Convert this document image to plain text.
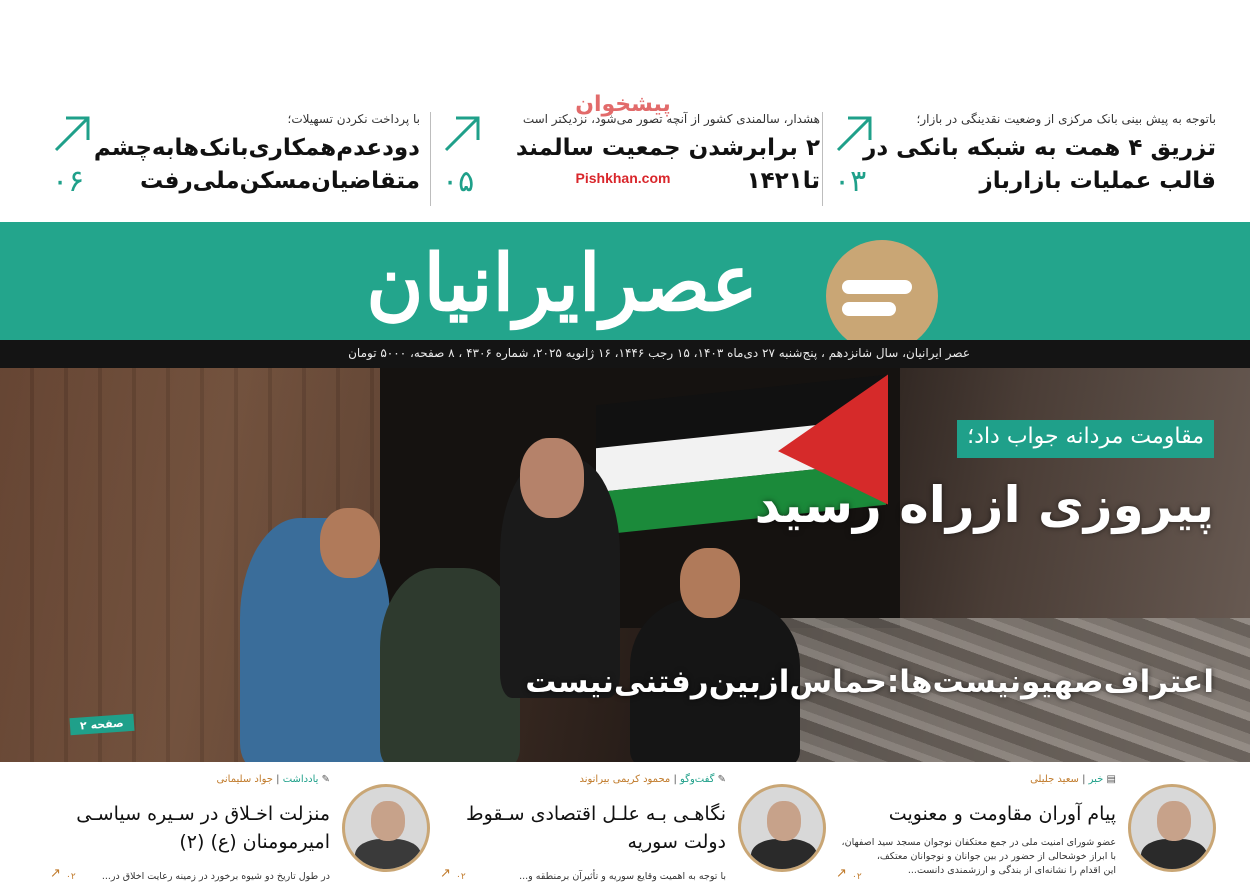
باتوجه به پیش بینی بانک مرکزی از وضعیت نقدینگی در بازار؛
تزریق ۴ همت به شبکه بانکی در
قالب عملیات بازارباز
۰۳
هشدار، سالمندی کشور از آنچه تصور می‌شود، نزدیکتر است
۲ برابرشدن جمعیت سالمند
تا۱۴۲۱
۰۵
با پرداخت نکردن تسهیلات؛
دودعدم‌همکاری‌بانک‌هابه‌چشم
متقاضیان‌مسکن‌ملی‌رفت
۰۶
پیشخوان
Pishkhan.com
عصرایرانیان
عصر ایرانیان، سال شانزدهم ، پنج‌شنبه ۲۷ دی‌ماه ۱۴۰۳، ۱۵ رجب ۱۴۴۶، ۱۶ ژانویه ۲۰۲۵، شماره ۴۳۰۶ ، ۸ صفحه، ۵۰۰۰ تومان
مقاومت مردانه جواب داد؛
پیروزی ازراه رسید
اعتراف‌صهیونیست‌ها:حماس‌ازبین‌رفتنی‌نیست
صفحه ۲
▤ خبر | سعید جلیلی
پیام آوران مقاومت و معنویت
عضو شورای امنیت ملی در جمع معتکفان نوجوان مسجد سید اصفهان،
با ابراز خوشحالی از حضور در بین جوانان و نوجوانان معتکف،
این اقدام را نشانه‌ای از بندگی و ارزشمندی دانست...
↗ ۰۲
✎ گفت‌وگو | محمود کریمی بیرانوند
نگاهـی بـه علـل اقتصادی سـقوط
دولت سوریه
با توجه به اهمیت وقایع سوریه و تأثیرآن برمنطقه و...
↗ ۰۲
✎ یادداشت | جواد سلیمانی
منزلت اخـلاق در سـیره سیاسـی
امیرمومنان (ع) (۲)
در طول تاریخ دو شیوه برخورد در زمینه رعایت اخلاق در...
↗ ۰۲
